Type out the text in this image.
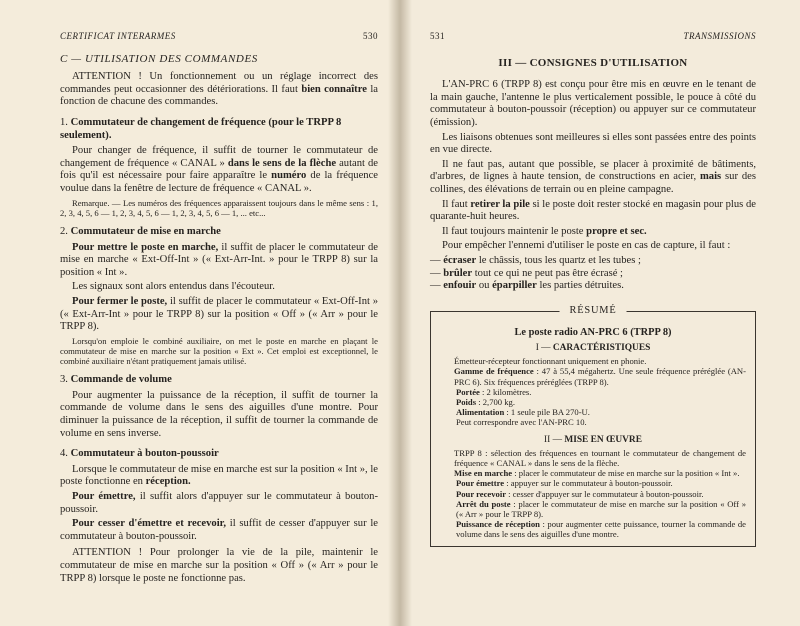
CERTIFICAT INTERARMES	530
C — UTILISATION DES COMMANDES

ATTENTION ! Un fonctionnement ou un réglage incorrect des commandes peut occasionner des détériorations. Il faut bien connaître la fonction de chacune des commandes.

1. Commutateur de changement de fréquence (pour le TRPP 8 seulement).

Pour changer de fréquence, il suffit de tourner le commutateur de changement de fréquence « CANAL » dans le sens de la flèche autant de fois qu'il est nécessaire pour faire apparaître le numéro de la fréquence voulue dans la fenêtre de lecture de fréquence « CANAL ».

Remarque. — Les numéros des fréquences apparaissent toujours dans le même sens : 1, 2, 3, 4, 5, 6 — 1, 2, 3, 4, 5, 6 — 1, 2, 3, 4, 5, 6 — 1, ... etc...

2. Commutateur de mise en marche

Pour mettre le poste en marche, il suffit de placer le commutateur de mise en marche « Ext-Off-Int » (« Ext-Arr-Int. » pour le TRPP 8) sur la position « Int ».

Les signaux sont alors entendus dans l'écouteur.

Pour fermer le poste, il suffit de placer le commutateur « Ext-Off-Int » (« Ext-Arr-Int » pour le TRPP 8) sur la position « Off » (« Arr » pour le TRPP 8).

Lorsqu'on emploie le combiné auxiliaire, on met le poste en marche en plaçant le commutateur de mise en marche sur la position « Ext ». Cet emploi est exceptionnel, le combiné auxiliaire n'étant pratiquement jamais utilisé.

3. Commande de volume

Pour augmenter la puissance de la réception, il suffit de tourner la commande de volume dans le sens des aiguilles d'une montre. Pour diminuer la puissance de la réception, il suffit de tourner la commande de volume en sens inverse.

4. Commutateur à bouton-poussoir

Lorsque le commutateur de mise en marche est sur la position « Int », le poste fonctionne en réception.

Pour émettre, il suffit alors d'appuyer sur le commutateur à bouton-poussoir.

Pour cesser d'émettre et recevoir, il suffit de cesser d'appuyer sur le commutateur à bouton-poussoir.

ATTENTION ! Pour prolonger la vie de la pile, maintenir le commutateur de mise en marche sur la position « Off » (« Arr » pour le TRPP 8) lorsque le poste ne fonctionne pas.

531	TRANSMISSIONS
III — CONSIGNES D'UTILISATION

L'AN-PRC 6 (TRPP 8) est conçu pour être mis en œuvre en le tenant de la main gauche, l'antenne le plus verticalement possible, le pouce à côté du commutateur à bouton-poussoir (réception) ou appuyer sur ce commutateur (émission).

Les liaisons obtenues sont meilleures si elles sont passées entre des points en vue directe.

Il ne faut pas, autant que possible, se placer à proximité de bâtiments, d'arbres, de lignes à haute tension, de constructions en acier, mais sur des collines, des élévations de terrain ou en pleine campagne.

Il faut retirer la pile si le poste doit rester stocké en magasin pour plus de quarante-huit heures.

Il faut toujours maintenir le poste propre et sec.

Pour empêcher l'ennemi d'utiliser le poste en cas de capture, il faut :

— écraser le châssis, tous les quartz et les tubes ;
— brûler tout ce qui ne peut pas être écrasé ;
— enfouir ou éparpiller les parties détruites.
RÉSUMÉ
Le poste radio AN-PRC 6 (TRPP 8)
I — CARACTÉRISTIQUES

Émetteur-récepteur fonctionnant uniquement en phonie.

Gamme de fréquence : 47 à 55,4 mégahertz. Une seule fréquence préréglée (AN-PRC 6). Six fréquences préréglées (TRPP 8).

Portée : 2 kilomètres.

Poids : 2,700 kg.

Alimentation : 1 seule pile BA 270-U.

Peut correspondre avec l'AN-PRC 10.

II — MISE EN ŒUVRE

TRPP 8 : sélection des fréquences en tournant le commutateur de changement de fréquence « CANAL » dans le sens de la flèche.

Mise en marche : placer le commutateur de mise en marche sur la position « Int ».

Pour émettre : appuyer sur le commutateur à bouton-poussoir.

Pour recevoir : cesser d'appuyer sur le commutateur à bouton-poussoir.

Arrêt du poste : placer le commutateur de mise en marche sur la position « Off » (« Arr » pour le TRPP 8).

Puissance de réception : pour augmenter cette puissance, tourner la commande de volume dans le sens des aiguilles d'une montre.
